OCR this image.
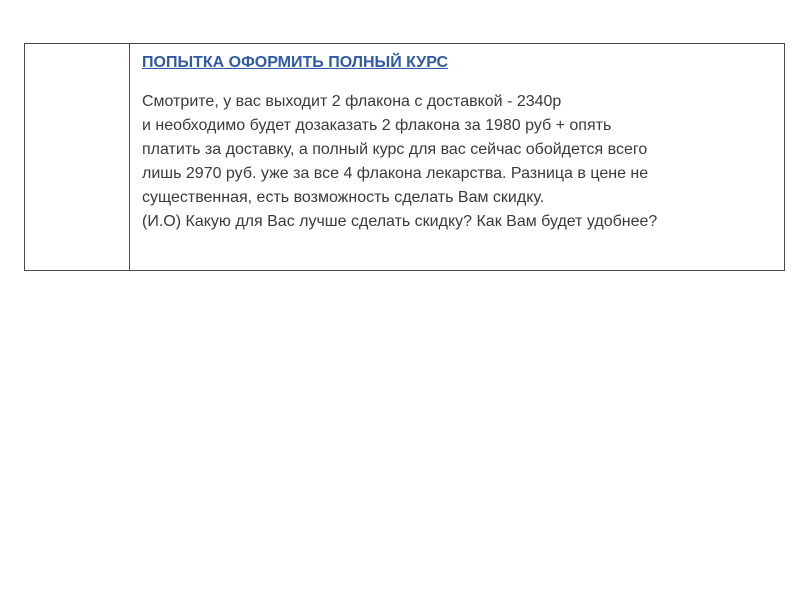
ПОПЫТКА ОФОРМИТЬ ПОЛНЫЙ КУРС
Смотрите, у вас выходит 2 флакона с доставкой - 2340р
и необходимо будет дозаказать 2 флакона за 1980 руб + опять
платить за доставку, а полный курс для вас сейчас обойдется всего
лишь 2970 руб. уже за все 4 флакона лекарства. Разница в цене не
существенная, есть возможность сделать Вам скидку.
(И.О) Какую для Вас лучше сделать скидку? Как Вам будет удобнее?
